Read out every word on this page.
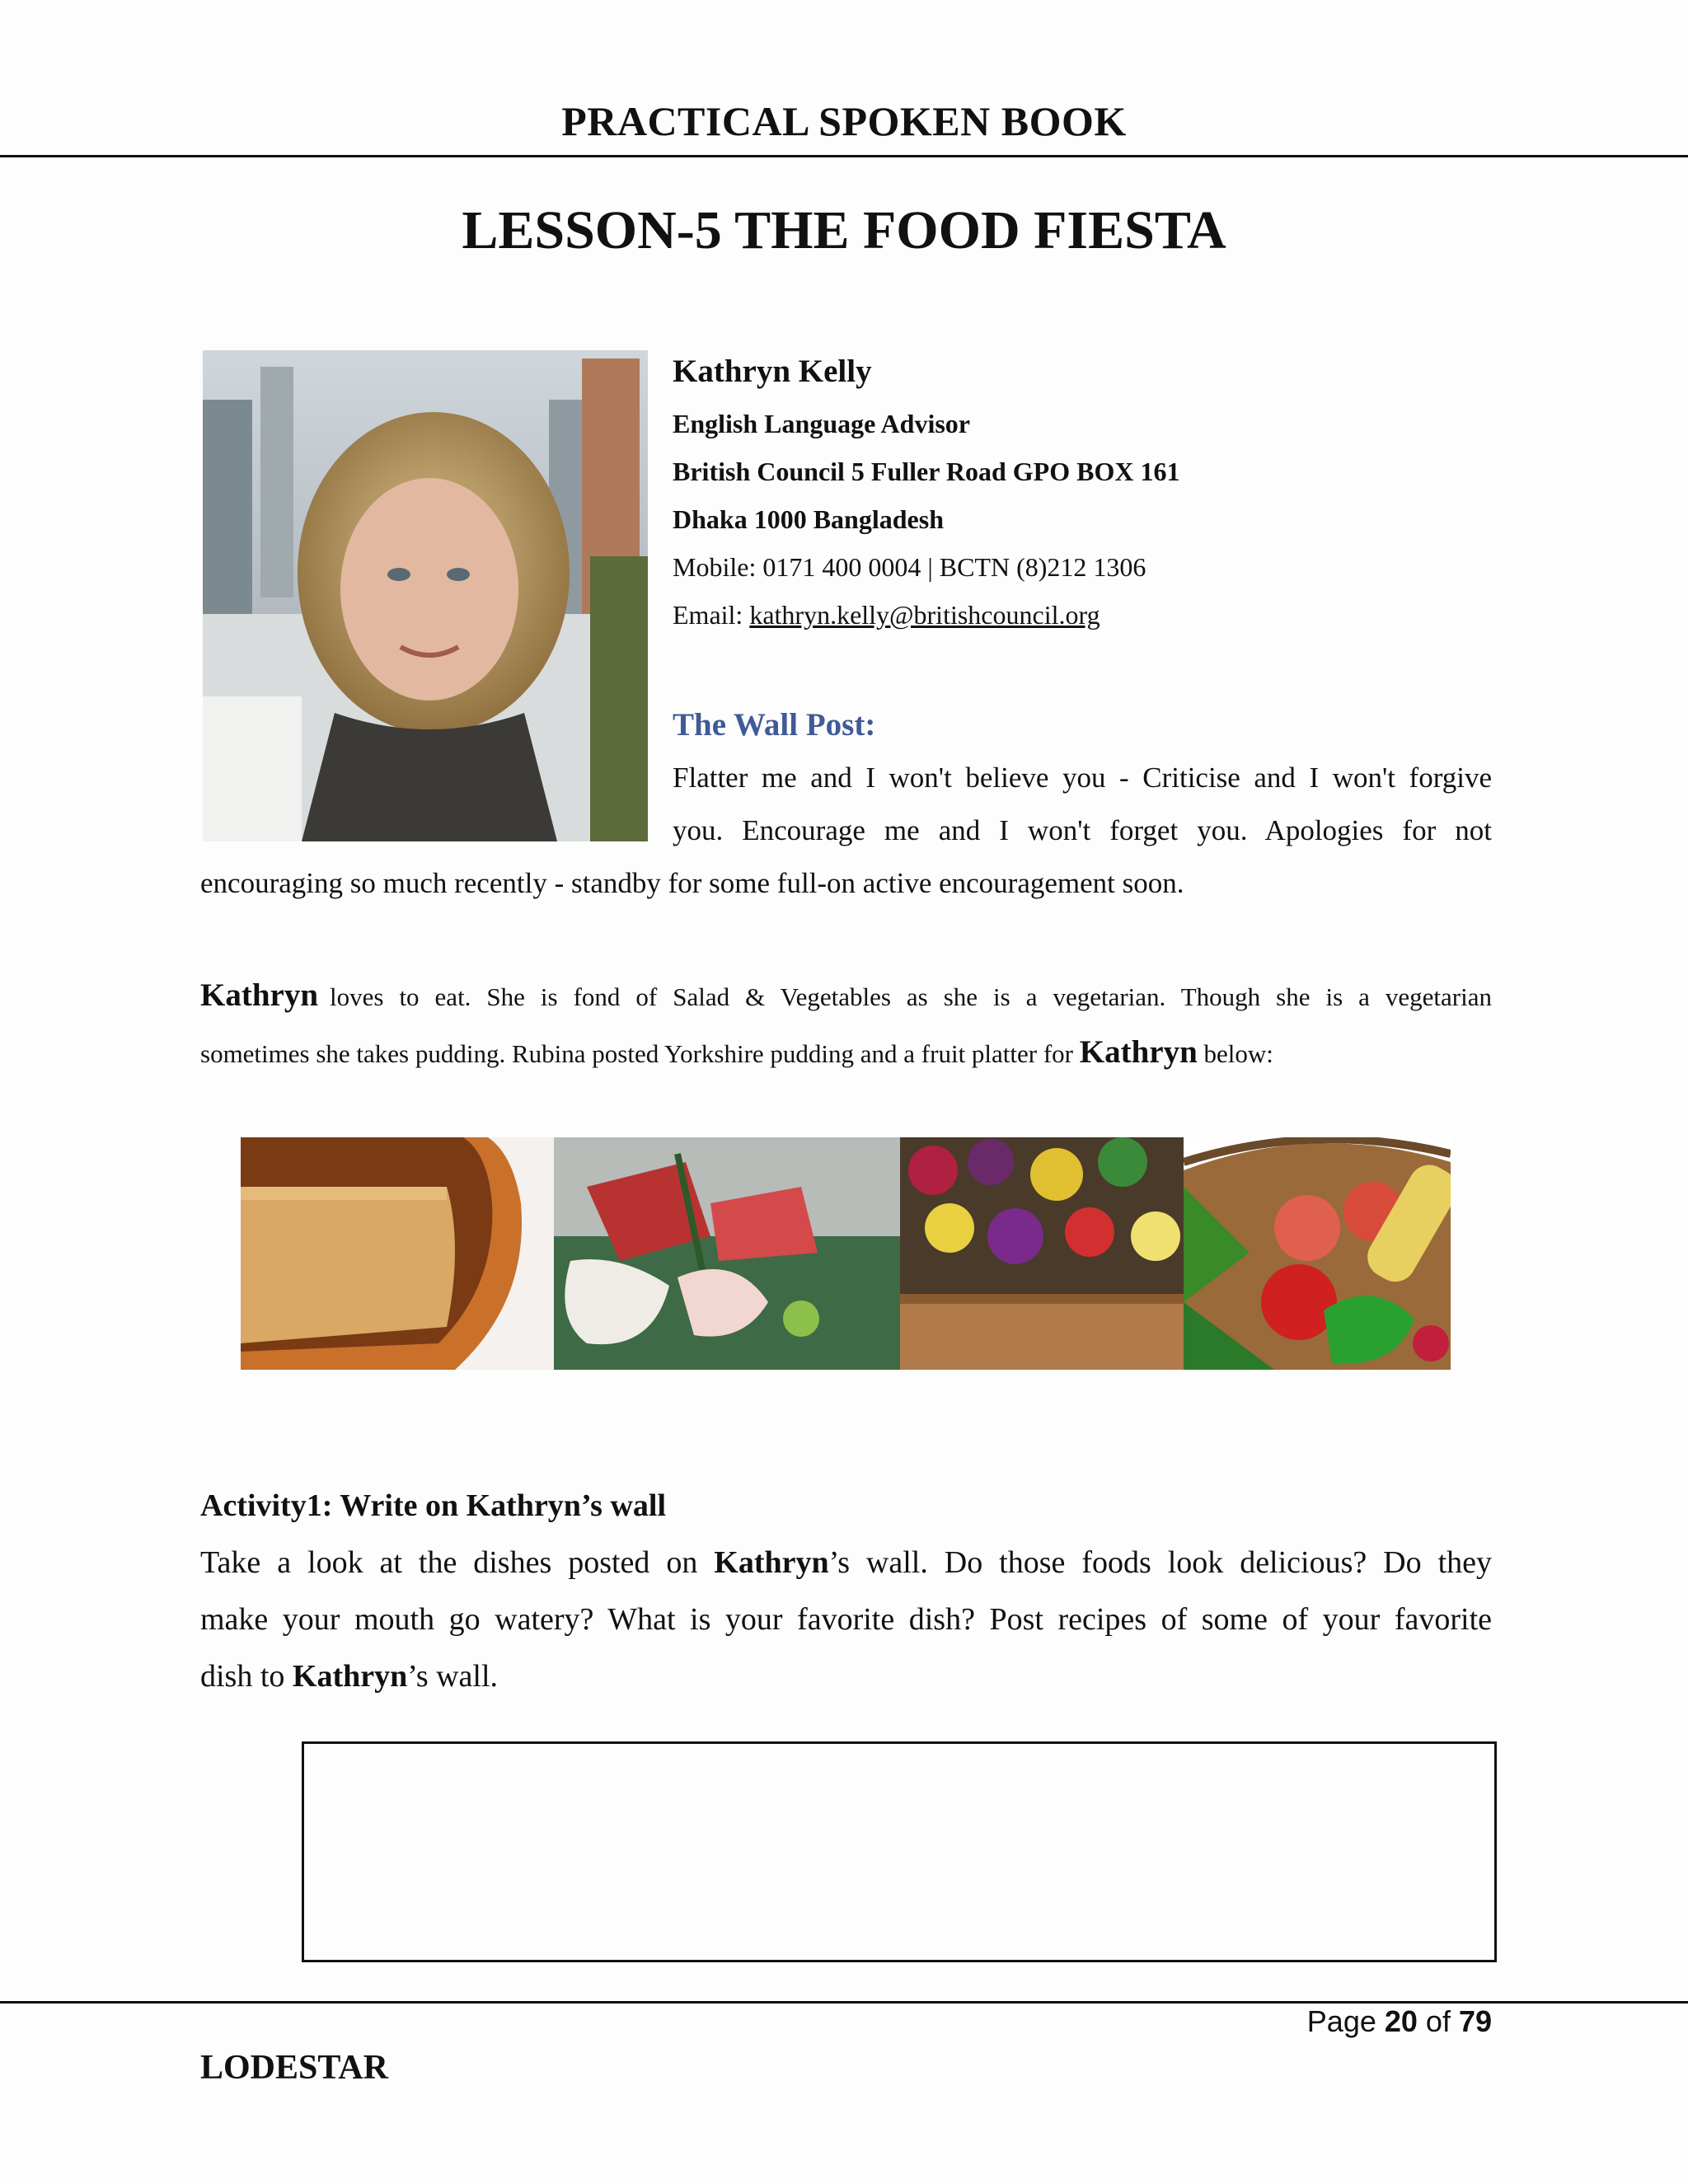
PRACTICAL SPOKEN BOOK
LESSON-5 THE FOOD FIESTA
Kathryn Kelly
English Language Advisor
British Council 5 Fuller Road GPO BOX 161
Dhaka 1000 Bangladesh
Mobile: 0171 400 0004 | BCTN (8)212 1306
Email: kathryn.kelly@britishcouncil.org
The Wall Post:
Flatter me and I won't believe you - Criticise and I won't forgive
you. Encourage me and I won't forget you. Apologies for not
encouraging so much recently - standby for some full-on active encouragement soon.
Kathryn loves to eat. She is fond of Salad & Vegetables as she is a vegetarian. Though she is a vegetarian
sometimes she takes pudding. Rubina posted Yorkshire pudding and a fruit platter for Kathryn below:
Activity1: Write on Kathryn’s wall
Take a look at the dishes posted on Kathryn’s wall. Do those foods look delicious? Do they
make your mouth go watery? What is your favorite dish? Post recipes of some of your favorite
dish to Kathryn’s wall.
Page 20 of 79
LODESTAR
